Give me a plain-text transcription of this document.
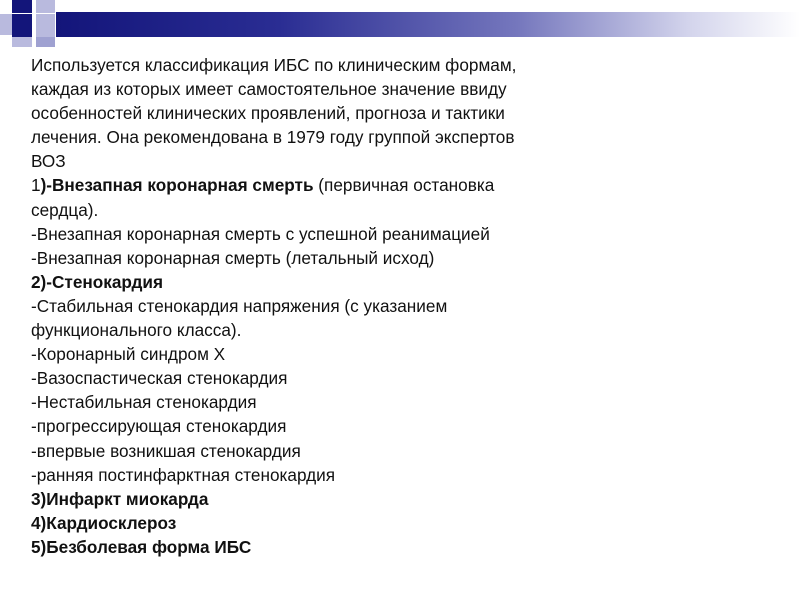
Используется классификация ИБС по клиническим формам,
каждая из которых имеет самостоятельное значение ввиду
особенностей клинических проявлений, прогноза и тактики
лечения. Она рекомендована в 1979 году группой экспертов
ВОЗ
1)-Внезапная коронарная смерть (первичная остановка
сердца).
-Внезапная коронарная смерть с успешной реанимацией
-Внезапная коронарная смерть (летальный исход)
2)-Стенокардия
-Стабильная стенокардия напряжения (с указанием
функционального класса).
-Коронарный синдром Х
-Вазоспастическая стенокардия
-Нестабильная стенокардия
-прогрессирующая стенокардия
-впервые возникшая стенокардия
-ранняя постинфарктная стенокардия
3)Инфаркт миокарда
4)Кардиосклероз
5)Безболевая форма ИБС
